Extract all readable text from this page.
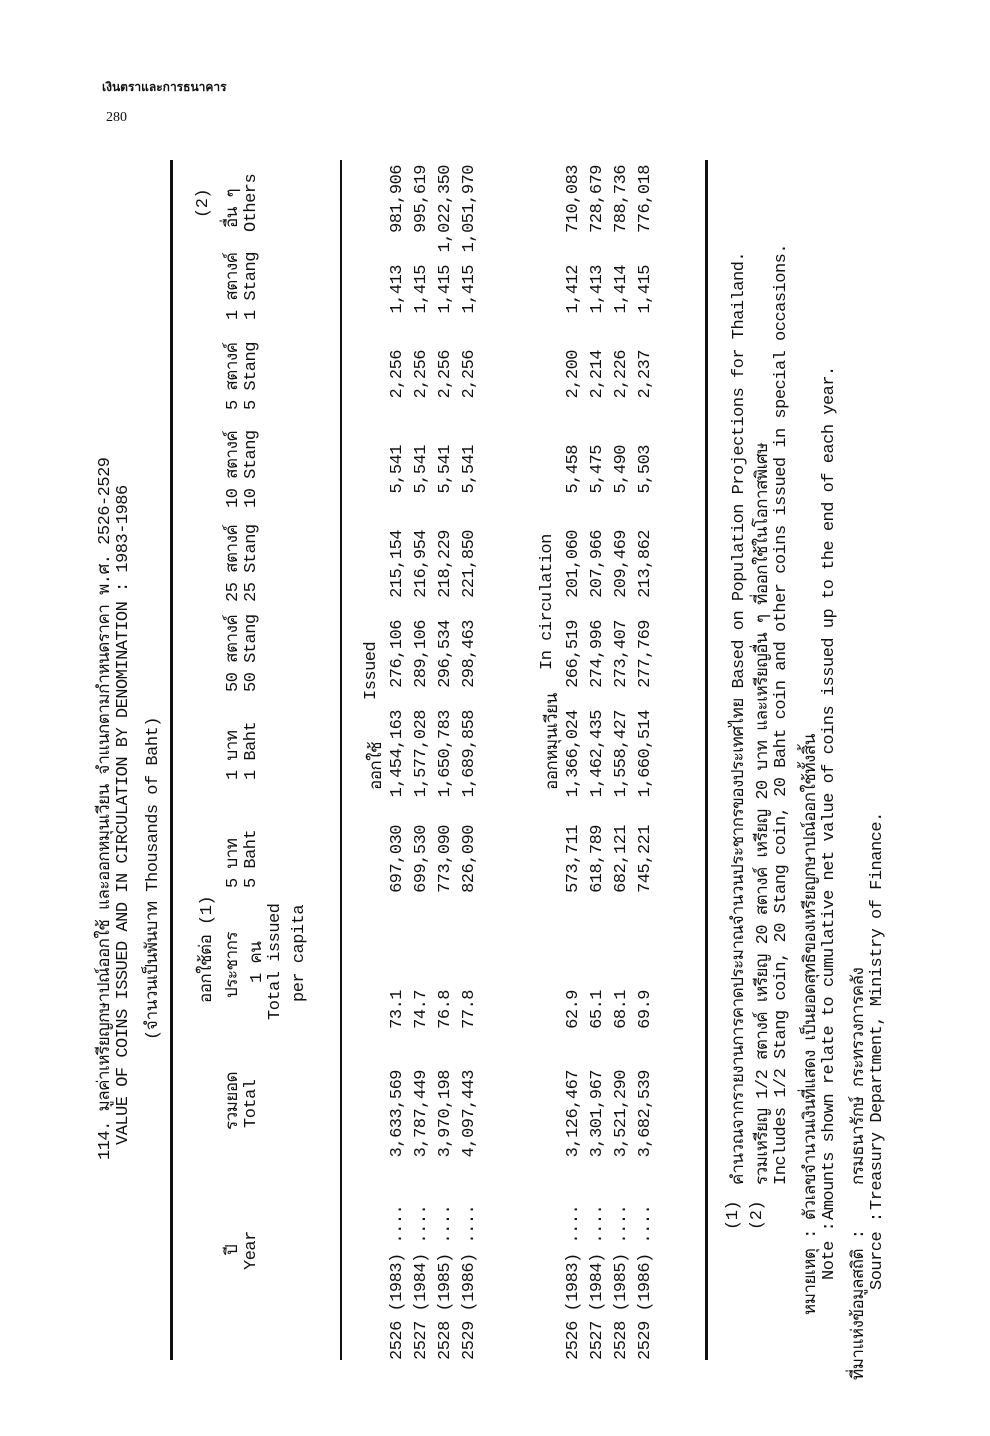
เงินตราและการธนาคาร
280
114. มูลค่าเหรียญกษาปณ์ออกใช้ และออกหมุนเวียน จำแนกตามกำหนดราคา พ.ศ. 2526-2529 VALUE OF COINS ISSUED AND IN CIRCULATION BY DENOMINATION : 1983-1986 (จำนวนเป็นพันบาท Thousands of Baht)
ปี Year
รวมยอด Total
ออกใช้ต่อ (1) ประชากร 1 คน Total issued per capita
5 บาท 5 Baht
1 บาท 1 Baht
50 สตางค์ 50 Stang
25 สตางค์ 25 Stang
10 สตางค์ 10 Stang
5 สตางค์ 5 Stang
1 สตางค์ 1 Stang
(2) อื่น ๆ Others
ออกใช้
Issued
ออกหมุนเวียน
In circulation
(1)
คำนวณจากรายงานการคาดประมาณจำนวนประชากรของประเทศไทย Based on Population Projections for Thailand.
(2)
รวมเหรียญ 1/2 สตางค์ เหรียญ 20 สตางค์ เหรียญ 20 บาท และเหรียญอื่น ๆ ที่ออกใช้ในโอกาสพิเศษ Includes 1/2 Stang coin, 20 Stang coin, 20 Baht coin and other coins issued in special occasions.
หมายเหตุ :
ตัวเลขจำนวนเงินที่แสดง เป็นยอดสุทธิของเหรียญกษาปณ์ออกใช้ทั้งสิ้น
Note :
Amounts shown relate to cumulative net value of coins issued up to the end of each year.
ที่มาแห่งข้อมูลสถิติ :
กรมธนารักษ์ กระทรวงการคลัง
Source :
Treasury Department, Ministry of Finance.
2526 (1983) ....
3,633,569
73.1
697,030
1,454,163
276,106
215,154
5,541
2,256
1,413
981,906
2527 (1984) ....
3,787,449
74.7
699,530
1,577,028
289,106
216,954
5,541
2,256
1,415
995,619
2528 (1985) ....
3,970,198
76.8
773,090
1,650,783
296,534
218,229
5,541
2,256
1,415
1,022,350
2529 (1986) ....
4,097,443
77.8
826,090
1,689,858
298,463
221,850
5,541
2,256
1,415
1,051,970
2526 (1983) ....
3,126,467
62.9
573,711
1,366,024
266,519
201,060
5,458
2,200
1,412
710,083
2527 (1984) ....
3,301,967
65.1
618,789
1,462,435
274,996
207,966
5,475
2,214
1,413
728,679
2528 (1985) ....
3,521,290
68.1
682,121
1,558,427
273,407
209,469
5,490
2,226
1,414
788,736
2529 (1986) ....
3,682,539
69.9
745,221
1,660,514
277,769
213,862
5,503
2,237
1,415
776,018
